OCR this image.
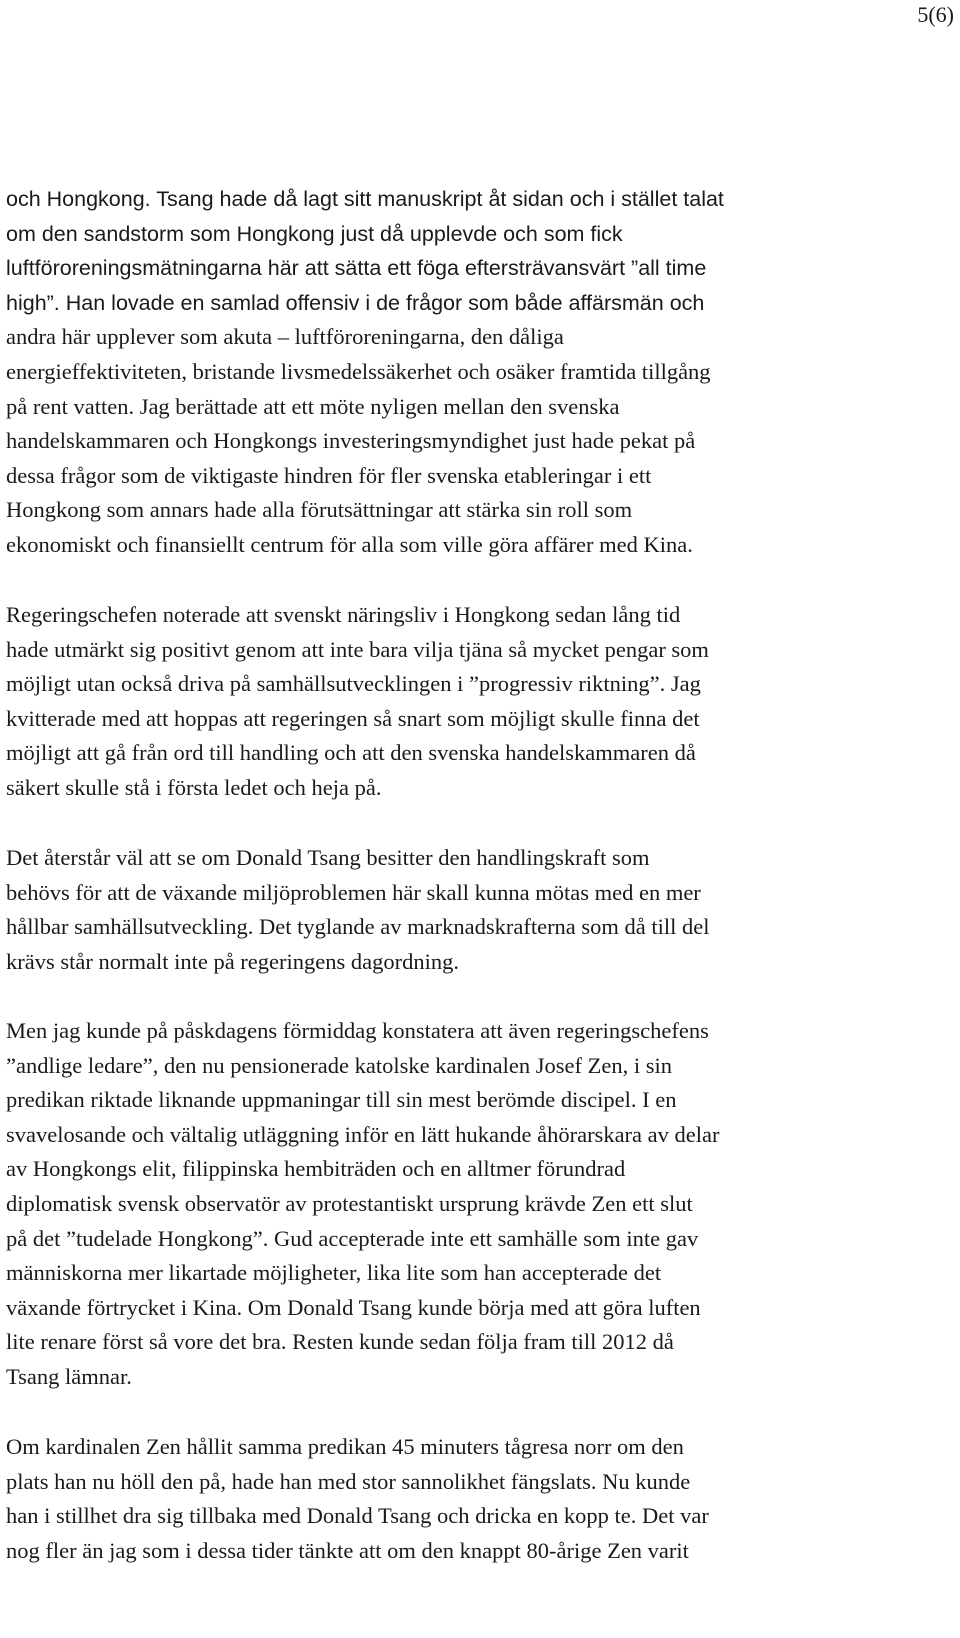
5(6)
och Hongkong. Tsang hade då lagt sitt manuskript åt sidan och i stället talat
om den sandstorm som Hongkong just då upplevde och som fick
luftföroreningsmätningarna här att sätta ett föga eftersträvansvärt ”all time
high”. Han lovade en samlad offensiv i de frågor som både affärsmän och
andra här upplever som akuta – luftföroreningarna, den dåliga
energieffektiviteten, bristande livsmedelssäkerhet och osäker framtida tillgång
på rent vatten. Jag berättade att ett möte nyligen mellan den svenska
handelskammaren och Hongkongs investeringsmyndighet just hade pekat på
dessa frågor som de viktigaste hindren för fler svenska etableringar i ett
Hongkong som annars hade alla förutsättningar att stärka sin roll som
ekonomiskt och finansiellt centrum för alla som ville göra affärer med Kina.
Regeringschefen noterade att svenskt näringsliv i Hongkong sedan lång tid
hade utmärkt sig positivt genom att inte bara vilja tjäna så mycket pengar som
möjligt utan också driva på samhällsutvecklingen i ”progressiv riktning”. Jag
kvitterade med att hoppas att regeringen så snart som möjligt skulle finna det
möjligt att gå från ord till handling och att den svenska handelskammaren då
säkert skulle stå i första ledet och heja på.
Det återstår väl att se om Donald Tsang besitter den handlingskraft som
behövs för att de växande miljöproblemen här skall kunna mötas med en mer
hållbar samhällsutveckling. Det tyglande av marknadskrafterna som då till del
krävs står normalt inte på regeringens dagordning.
Men jag kunde på påskdagens förmiddag konstatera att även regeringschefens
”andlige ledare”, den nu pensionerade katolske kardinalen Josef Zen, i sin
predikan riktade liknande uppmaningar till sin mest berömde discipel. I en
svavelosande och vältalig utläggning inför en lätt hukande åhörarskara av delar
av Hongkongs elit, filippinska hembiträden och en alltmer förundrad
diplomatisk svensk observatör av protestantiskt ursprung krävde Zen ett slut
på det ”tudelade Hongkong”. Gud accepterade inte ett samhälle som inte gav
människorna mer likartade möjligheter, lika lite som han accepterade det
växande förtrycket i Kina. Om Donald Tsang kunde börja med att göra luften
lite renare först så vore det bra. Resten kunde sedan följa fram till 2012 då
Tsang lämnar.
Om kardinalen Zen hållit samma predikan 45 minuters tågresa norr om den
plats han nu höll den på, hade han med stor sannolikhet fängslats. Nu kunde
han i stillhet dra sig tillbaka med Donald Tsang och dricka en kopp te. Det var
nog fler än jag som i dessa tider tänkte att om den knappt 80-årige Zen varit
